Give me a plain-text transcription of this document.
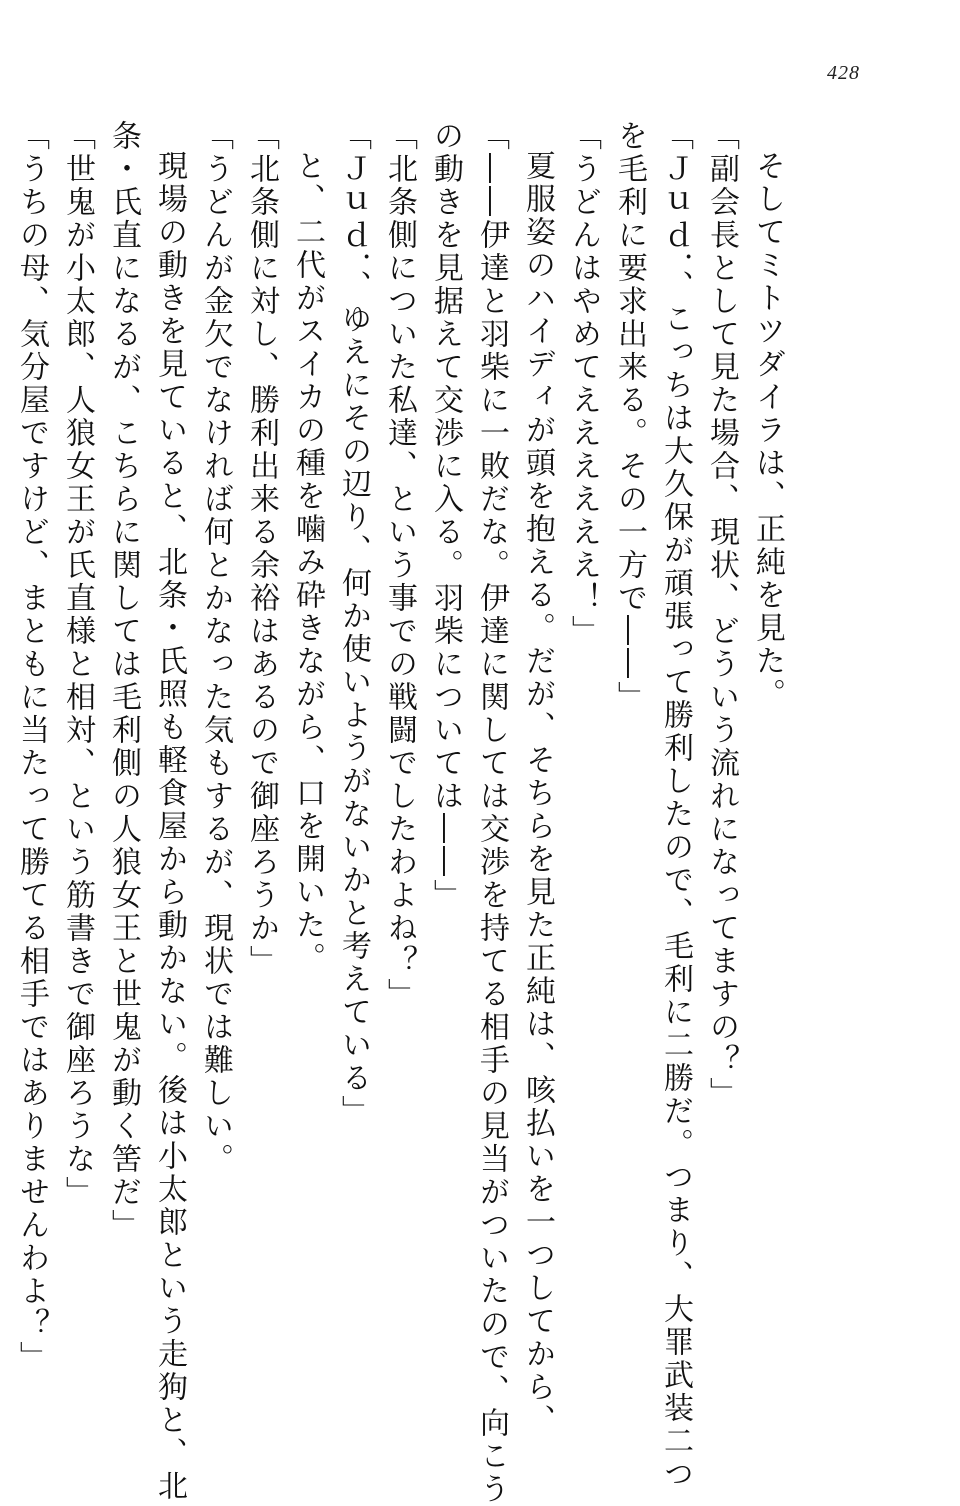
428
そしてミトツダイラは、正純を見た。
「副会長として見た場合、現状、どういう流れになってますの？」
「Ｊｕｄ．、こっちは大久保が頑張って勝利したので、毛利に二勝だ。つまり、大罪武装二つ
を毛利に要求出来る。その一方で――」
「うどんはやめてええええええ！」
夏服姿のハイディが頭を抱える。だが、そちらを見た正純は、咳払いを一つしてから、
「――伊達と羽柴に一敗だな。伊達に関しては交渉を持てる相手の見当がついたので、向こう
の動きを見据えて交渉に入る。羽柴については――」
「北条側についた私達、という事での戦闘でしたわよね？」
「Ｊｕｄ．、ゆえにその辺り、何か使いようがないかと考えている」
と、二代がスイカの種を噛み砕きながら、口を開いた。
「北条側に対し、勝利出来る余裕はあるので御座ろうか」
「うどんが金欠でなければ何とかなった気もするが、現状では難しい。
現場の動きを見ていると、北条・氏照も軽食屋から動かない。後は小太郎という走狗と、北
条・氏直になるが、こちらに関しては毛利側の人狼女王と世鬼が動く筈だ」
「世鬼が小太郎、人狼女王が氏直様と相対、という筋書きで御座ろうな」
「うちの母、気分屋ですけど、まともに当たって勝てる相手ではありませんわよ？」
